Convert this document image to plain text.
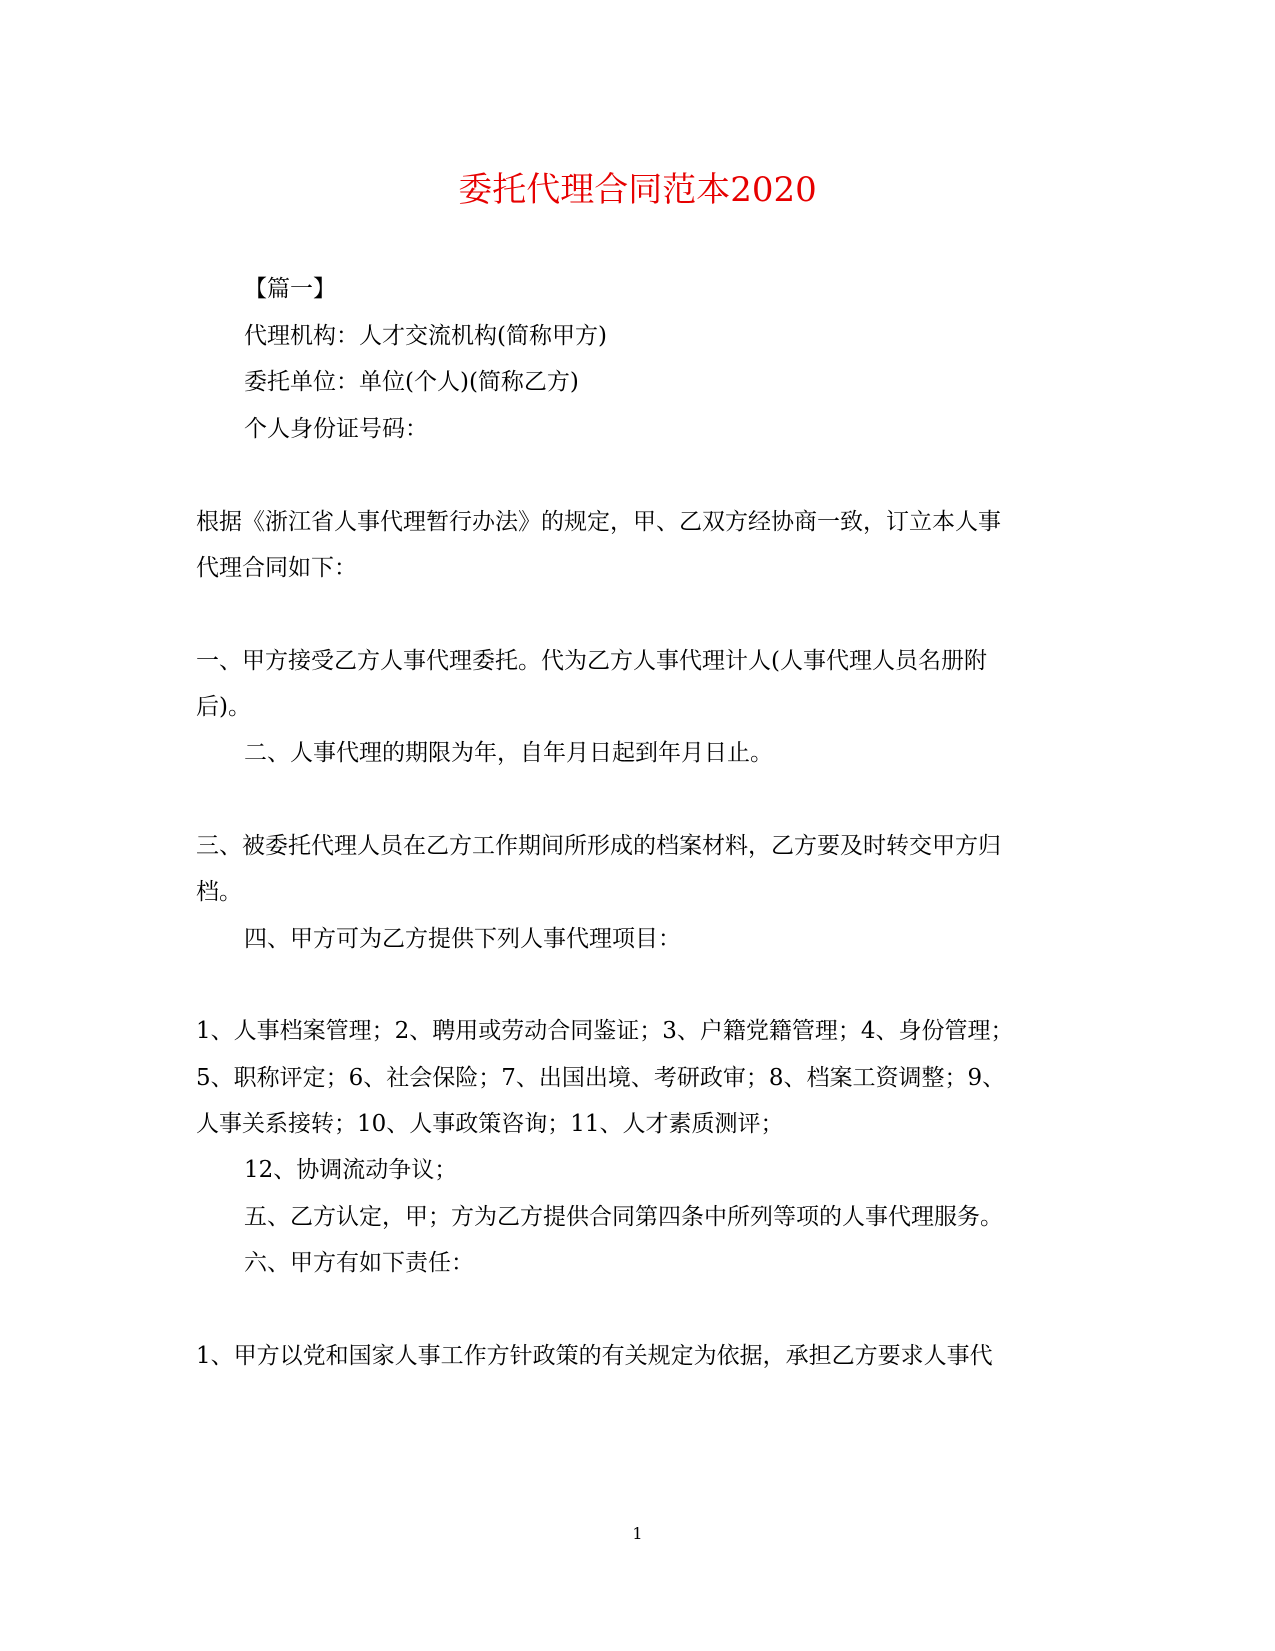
委托代理合同范本2020
【篇一】
代理机构：人才交流机构(简称甲方)
委托单位：单位(个人)(简称乙方)
个人身份证号码：
根据《浙江省人事代理暂行办法》的规定，甲、乙双方经协商一致，订立本人事
代理合同如下：
一、甲方接受乙方人事代理委托。代为乙方人事代理计人(人事代理人员名册附
后)。
二、人事代理的期限为年，自年月日起到年月日止。
三、被委托代理人员在乙方工作期间所形成的档案材料，乙方要及时转交甲方归
档。
四、甲方可为乙方提供下列人事代理项目：
1、人事档案管理；2、聘用或劳动合同鉴证；3、户籍党籍管理；4、身份管理；
5、职称评定；6、社会保险；7、出国出境、考研政审；8、档案工资调整；9、
人事关系接转；10、人事政策咨询；11、人才素质测评；
12、协调流动争议；
五、乙方认定，甲；方为乙方提供合同第四条中所列等项的人事代理服务。
六、甲方有如下责任：
1、甲方以党和国家人事工作方针政策的有关规定为依据，承担乙方要求人事代
1
